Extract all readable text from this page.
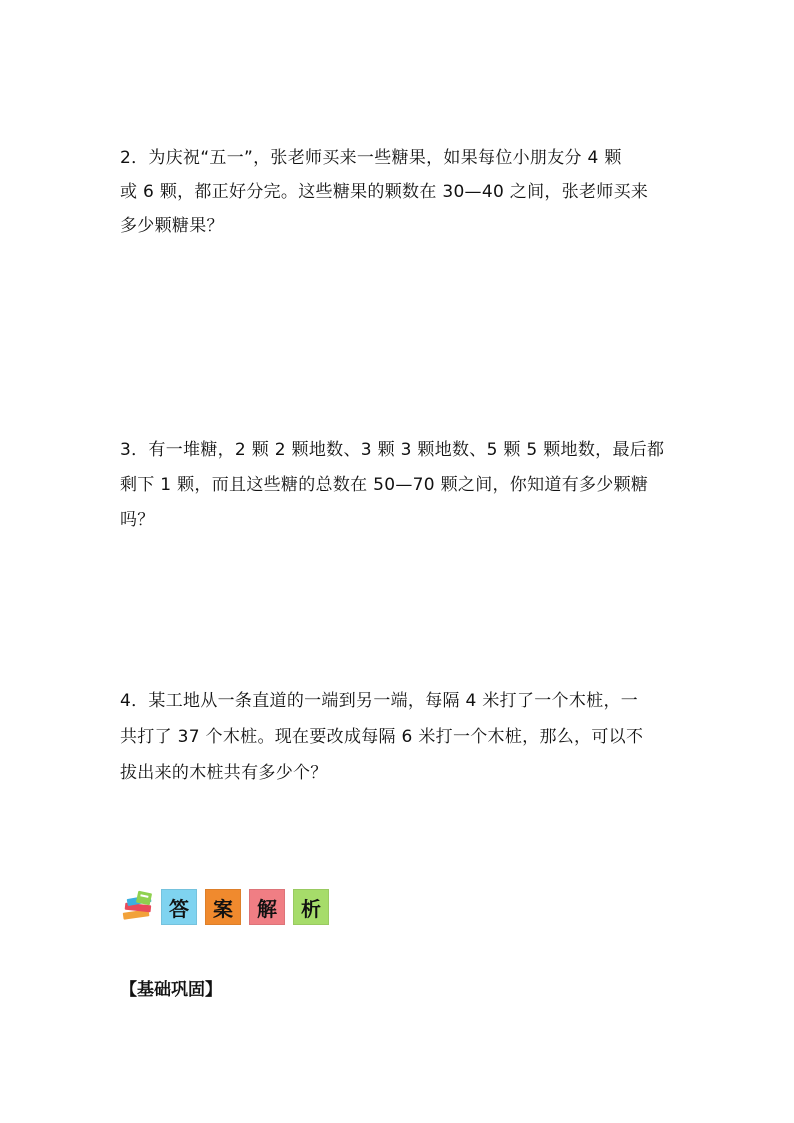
2．为庆祝“五一”，张老师买来一些糖果，如果每位小朋友分 4 颗
或 6 颗，都正好分完。这些糖果的颗数在 30—40 之间，张老师买来
多少颗糖果？
3．有一堆糖，2 颗 2 颗地数、3 颗 3 颗地数、5 颗 5 颗地数，最后都
剩下 1 颗，而且这些糖的总数在 50—70 颗之间，你知道有多少颗糖
吗？
4．某工地从一条直道的一端到另一端，每隔 4 米打了一个木桩，一
共打了 37 个木桩。现在要改成每隔 6 米打一个木桩，那么，可以不
拔出来的木桩共有多少个？
答 案 解 析
【基础巩固】
